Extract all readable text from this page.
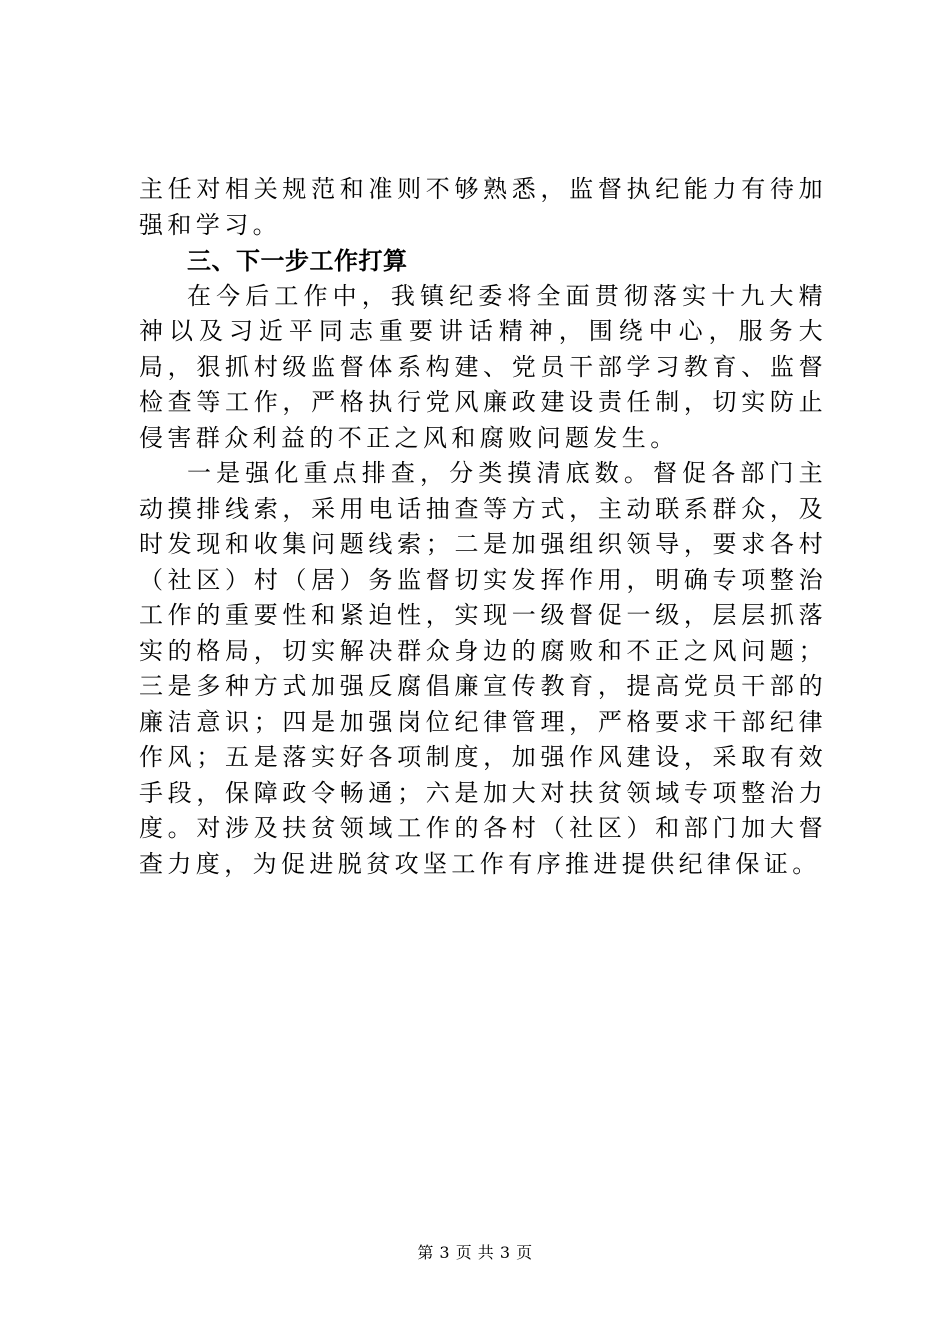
主任对相关规范和准则不够熟悉，监督执纪能力有待加强和学习。

三、下一步工作打算

在今后工作中，我镇纪委将全面贯彻落实十九大精神以及习近平同志重要讲话精神，围绕中心，服务大局，狠抓村级监督体系构建、党员干部学习教育、监督检查等工作，严格执行党风廉政建设责任制，切实防止侵害群众利益的不正之风和腐败问题发生。

一是强化重点排查，分类摸清底数。督促各部门主动摸排线索，采用电话抽查等方式，主动联系群众，及时发现和收集问题线索；二是加强组织领导，要求各村（社区）村（居）务监督切实发挥作用，明确专项整治工作的重要性和紧迫性，实现一级督促一级，层层抓落实的格局，切实解决群众身边的腐败和不正之风问题；三是多种方式加强反腐倡廉宣传教育，提高党员干部的廉洁意识；四是加强岗位纪律管理，严格要求干部纪律作风；五是落实好各项制度，加强作风建设，采取有效手段，保障政令畅通；六是加大对扶贫领域专项整治力度。对涉及扶贫领域工作的各村（社区）和部门加大督查力度，为促进脱贫攻坚工作有序推进提供纪律保证。

第 3 页 共 3 页
